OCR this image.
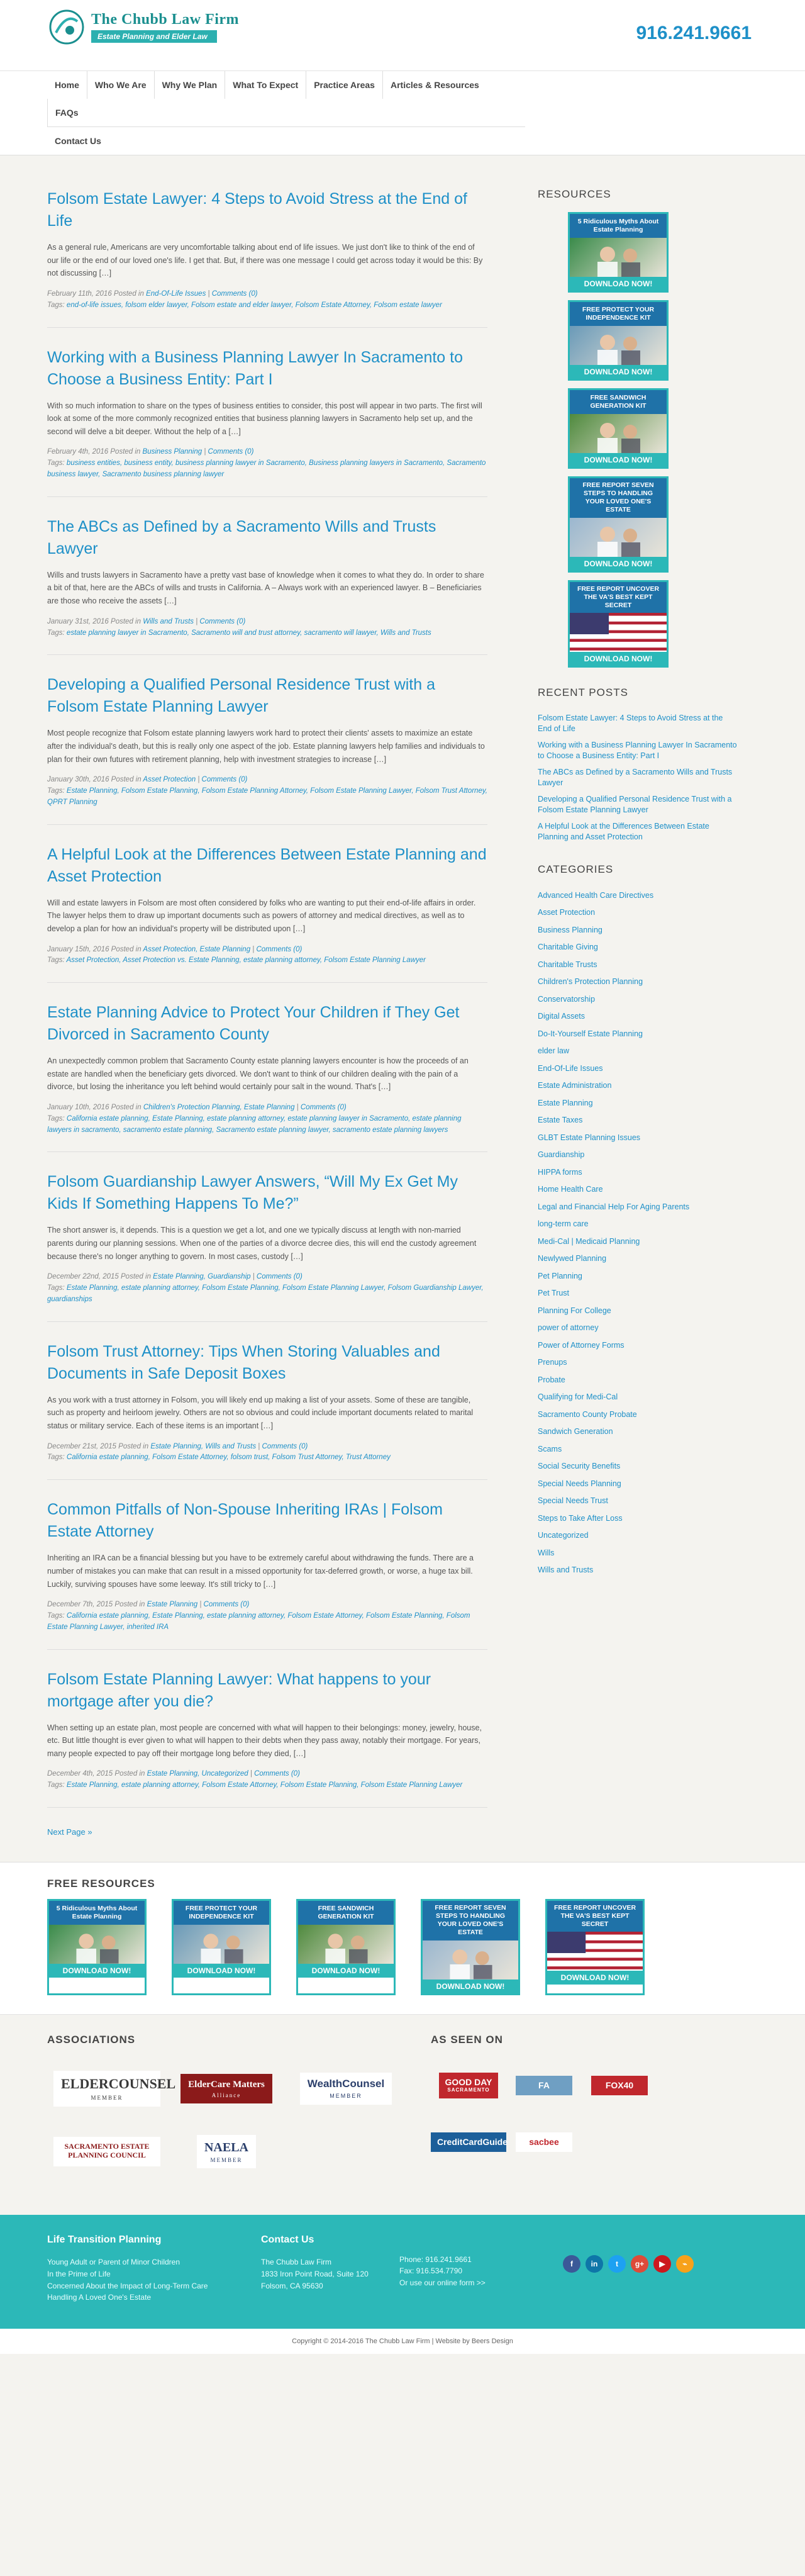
The Chubb Law Firm
Estate Planning and Elder Law	916.241.9661
Home	Who We Are	Why We Plan	What To Expect	Practice Areas	Articles & Resources
FAQs
Contact Us
Folsom Estate Lawyer: 4 Steps to Avoid Stress at the End of Life

As a general rule, Americans are very uncomfortable talking about end of life issues. We just don't like to think of the end of our life or the end of our loved one's life. I get that. But, if there was one message I could get across today it would be this: By not discussing […]

February 11th, 2016 Posted in End-Of-Life Issues | Comments (0)
Tags: end-of-life issues, folsom elder lawyer, Folsom estate and elder lawyer, Folsom Estate Attorney, Folsom estate lawyer
Working with a Business Planning Lawyer In Sacramento to Choose a Business Entity: Part I

With so much information to share on the types of business entities to consider, this post will appear in two parts. The first will look at some of the more commonly recognized entities that business planning lawyers in Sacramento help set up, and the second will delve a bit deeper. Without the help of a […]

February 4th, 2016 Posted in Business Planning | Comments (0)
Tags: business entities, business entity, business planning lawyer in Sacramento, Business planning lawyers in Sacramento, Sacramento business lawyer, Sacramento business planning lawyer
The ABCs as Defined by a Sacramento Wills and Trusts Lawyer

Wills and trusts lawyers in Sacramento have a pretty vast base of knowledge when it comes to what they do. In order to share a bit of that, here are the ABCs of wills and trusts in California. A – Always work with an experienced lawyer. B – Beneficiaries are those who receive the assets […]

January 31st, 2016 Posted in Wills and Trusts | Comments (0)
Tags: estate planning lawyer in Sacramento, Sacramento will and trust attorney, sacramento will lawyer, Wills and Trusts
Developing a Qualified Personal Residence Trust with a Folsom Estate Planning Lawyer

Most people recognize that Folsom estate planning lawyers work hard to protect their clients' assets to maximize an estate after the individual's death, but this is really only one aspect of the job. Estate planning lawyers help families and individuals to plan for their own futures with retirement planning, help with investment strategies to increase […]

January 30th, 2016 Posted in Asset Protection | Comments (0)
Tags: Estate Planning, Folsom Estate Planning, Folsom Estate Planning Attorney, Folsom Estate Planning Lawyer, Folsom Trust Attorney, QPRT Planning
A Helpful Look at the Differences Between Estate Planning and Asset Protection

Will and estate lawyers in Folsom are most often considered by folks who are wanting to put their end-of-life affairs in order. The lawyer helps them to draw up important documents such as powers of attorney and medical directives, as well as to develop a plan for how an individual's property will be distributed upon […]

January 15th, 2016 Posted in Asset Protection, Estate Planning | Comments (0)
Tags: Asset Protection, Asset Protection vs. Estate Planning, estate planning attorney, Folsom Estate Planning Lawyer
Estate Planning Advice to Protect Your Children if They Get Divorced in Sacramento County

An unexpectedly common problem that Sacramento County estate planning lawyers encounter is how the proceeds of an estate are handled when the beneficiary gets divorced. We don't want to think of our children dealing with the pain of a divorce, but losing the inheritance you left behind would certainly pour salt in the wound. That's […]

January 10th, 2016 Posted in Children's Protection Planning, Estate Planning | Comments (0)
Tags: California estate planning, Estate Planning, estate planning attorney, estate planning lawyer in Sacramento, estate planning lawyers in sacramento, sacramento estate planning, Sacramento estate planning lawyer, sacramento estate planning lawyers
Folsom Guardianship Lawyer Answers, “Will My Ex Get My Kids If Something Happens To Me?”

The short answer is, it depends. This is a question we get a lot, and one we typically discuss at length with non-married parents during our planning sessions. When one of the parties of a divorce decree dies, this will end the custody agreement because there's no longer anything to govern. In most cases, custody […]

December 22nd, 2015 Posted in Estate Planning, Guardianship | Comments (0)
Tags: Estate Planning, estate planning attorney, Folsom Estate Planning, Folsom Estate Planning Lawyer, Folsom Guardianship Lawyer, guardianships
Folsom Trust Attorney: Tips When Storing Valuables and Documents in Safe Deposit Boxes

As you work with a trust attorney in Folsom, you will likely end up making a list of your assets. Some of these are tangible, such as property and heirloom jewelry. Others are not so obvious and could include important documents related to marital status or military service. Each of these items is an important […]

December 21st, 2015 Posted in Estate Planning, Wills and Trusts | Comments (0)
Tags: California estate planning, Folsom Estate Attorney, folsom trust, Folsom Trust Attorney, Trust Attorney
Common Pitfalls of Non-Spouse Inheriting IRAs | Folsom Estate Attorney

Inheriting an IRA can be a financial blessing but you have to be extremely careful about withdrawing the funds. There are a number of mistakes you can make that can result in a missed opportunity for tax-deferred growth, or worse, a huge tax bill. Luckily, surviving spouses have some leeway. It's still tricky to […]

December 7th, 2015 Posted in Estate Planning | Comments (0)
Tags: California estate planning, Estate Planning, estate planning attorney, Folsom Estate Attorney, Folsom Estate Planning, Folsom Estate Planning Lawyer, inherited IRA
Folsom Estate Planning Lawyer: What happens to your mortgage after you die?

When setting up an estate plan, most people are concerned with what will happen to their belongings: money, jewelry, house, etc. But little thought is ever given to what will happen to their debts when they pass away, notably their mortgage. For years, many people expected to pay off their mortgage long before they died, […]

December 4th, 2015 Posted in Estate Planning, Uncategorized | Comments (0)
Tags: Estate Planning, estate planning attorney, Folsom Estate Attorney, Folsom Estate Planning, Folsom Estate Planning Lawyer
Next Page »
RESOURCES
5 Ridiculous Myths About Estate Planning
DOWNLOAD NOW!
FREE PROTECT YOUR INDEPENDENCE KIT
DOWNLOAD NOW!
FREE SANDWICH GENERATION KIT
DOWNLOAD NOW!
FREE REPORT SEVEN STEPS TO HANDLING YOUR LOVED ONE'S ESTATE
DOWNLOAD NOW!
FREE REPORT UNCOVER THE VA'S BEST KEPT SECRET
DOWNLOAD NOW!
RECENT POSTS
Folsom Estate Lawyer: 4 Steps to Avoid Stress at the End of Life
Working with a Business Planning Lawyer In Sacramento to Choose a Business Entity: Part I
The ABCs as Defined by a Sacramento Wills and Trusts Lawyer
Developing a Qualified Personal Residence Trust with a Folsom Estate Planning Lawyer
A Helpful Look at the Differences Between Estate Planning and Asset Protection
CATEGORIES
Advanced Health Care Directives
Asset Protection
Business Planning
Charitable Giving
Charitable Trusts
Children's Protection Planning
Conservatorship
Digital Assets
Do-It-Yourself Estate Planning
elder law
End-Of-Life Issues
Estate Administration
Estate Planning
Estate Taxes
GLBT Estate Planning Issues
Guardianship
HIPPA forms
Home Health Care
Legal and Financial Help For Aging Parents
long-term care
Medi-Cal | Medicaid Planning
Newlywed Planning
Pet Planning
Pet Trust
Planning For College
power of attorney
Power of Attorney Forms
Prenups
Probate
Qualifying for Medi-Cal
Sacramento County Probate
Sandwich Generation
Scams
Social Security Benefits
Special Needs Planning
Special Needs Trust
Steps to Take After Loss
Uncategorized
Wills
Wills and Trusts
FREE RESOURCES
5 Ridiculous Myths About Estate Planning
DOWNLOAD NOW!
FREE PROTECT YOUR INDEPENDENCE KIT
DOWNLOAD NOW!
FREE SANDWICH GENERATION KIT
DOWNLOAD NOW!
FREE REPORT SEVEN STEPS TO HANDLING YOUR LOVED ONE'S ESTATE
DOWNLOAD NOW!
FREE REPORT UNCOVER THE VA'S BEST KEPT SECRET
DOWNLOAD NOW!
ASSOCIATIONS
ELDERCOUNSEL
MEMBER
ElderCare Matters
Alliance
WealthCounsel
MEMBER
SACRAMENTO ESTATE PLANNING COUNCIL
NAELA
MEMBER
AS SEEN ON
GOOD DAY
SACRAMENTO	FA	FOX40
CreditCardGuide	sacbee
Life Transition Planning
Young Adult or Parent of Minor Children
In the Prime of Life
Concerned About the Impact of Long-Term Care
Handling A Loved One's Estate
Contact Us
The Chubb Law Firm
1833 Iron Point Road, Suite 120
Folsom, CA 95630
Phone: 916.241.9661
Fax: 916.534.7790
Or use our online form >>
f	in	t	g+	▶	⌁
Copyright © 2014-2016 The Chubb Law Firm | Website by Beers Design
